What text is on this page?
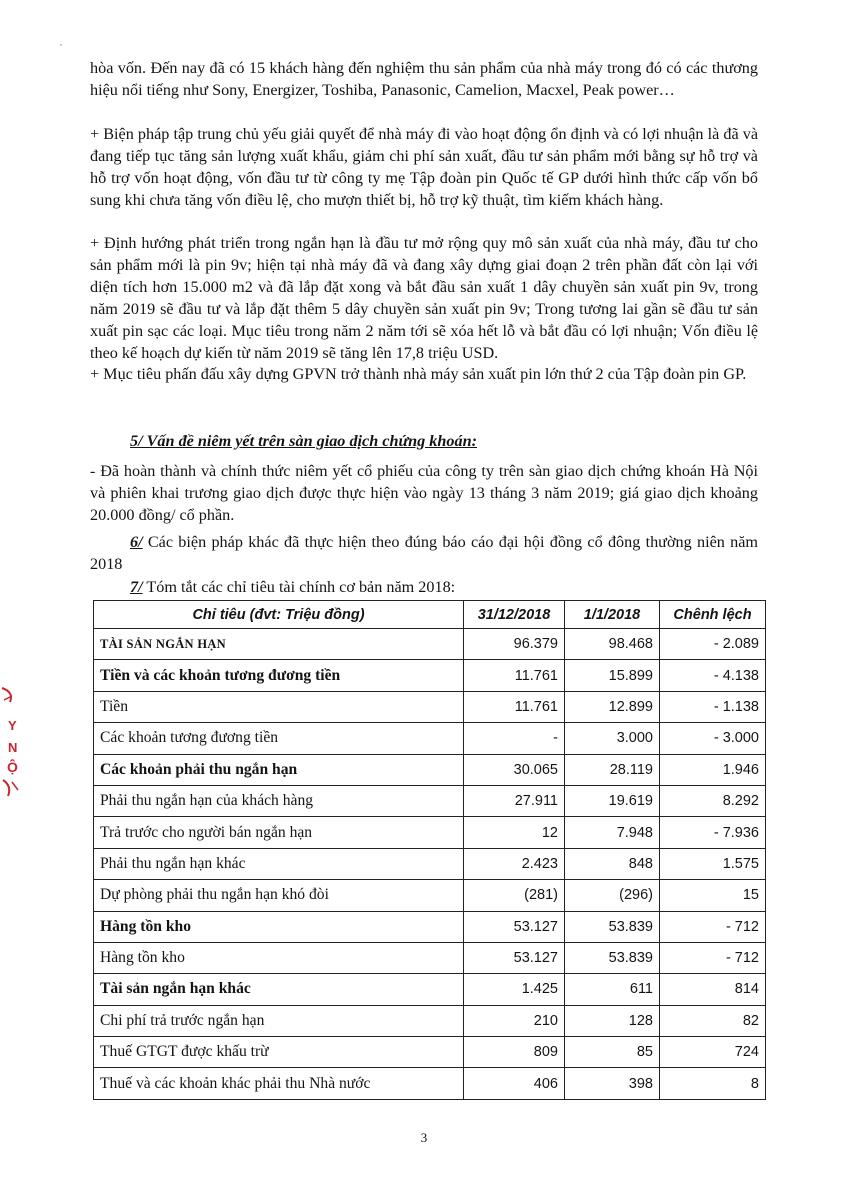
Y
N
Ộ
hòa vốn. Đến nay đã có 15 khách hàng đến nghiệm thu sản phẩm của nhà máy trong đó có các thương hiệu nổi tiếng như Sony, Energizer, Toshiba, Panasonic, Camelion, Macxel, Peak power…
+ Biện pháp tập trung chủ yếu giải quyết để nhà máy đi vào hoạt động ổn định và có lợi nhuận là đã và đang tiếp tục tăng sản lượng xuất khẩu, giảm chi phí sản xuất, đầu tư sản phẩm mới bằng sự hỗ trợ và hỗ trợ vốn hoạt động, vốn đầu tư từ công ty mẹ Tập đoàn pin Quốc tế GP dưới hình thức cấp vốn bổ sung khi chưa tăng vốn điều lệ, cho mượn thiết bị, hỗ trợ kỹ thuật, tìm kiếm khách hàng.
+ Định hướng phát triển trong ngắn hạn là đầu tư mở rộng quy mô sản xuất của nhà máy, đầu tư cho sản phẩm mới là pin 9v; hiện tại nhà máy đã và đang xây dựng giai đoạn 2 trên phần đất còn lại với diện tích hơn 15.000 m2 và đã lắp đặt xong và bắt đầu sản xuất 1 dây chuyền sản xuất pin 9v, trong năm 2019 sẽ đầu tư và lắp đặt thêm 5 dây chuyền sản xuất pin 9v; Trong tương lai gần sẽ đầu tư sản xuất pin sạc các loại. Mục tiêu trong năm 2 năm tới sẽ xóa hết lỗ và bắt đầu có lợi nhuận; Vốn điều lệ theo kế hoạch dự kiến từ năm 2019 sẽ tăng lên 17,8 triệu USD.
+ Mục tiêu phấn đấu xây dựng GPVN trở thành nhà máy sản xuất pin lớn thứ 2 của Tập đoàn pin GP.
5/ Vấn đề niêm yết trên sàn giao dịch chứng khoán:
- Đã hoàn thành và chính thức niêm yết cổ phiếu của công ty trên sàn giao dịch chứng khoán Hà Nội và phiên khai trương giao dịch được thực hiện vào ngày 13 tháng 3 năm 2019; giá giao dịch khoảng 20.000 đồng/ cổ phần.
6/ Các biện pháp khác đã thực hiện theo đúng báo cáo đại hội đồng cổ đông thường niên năm 2018
7/ Tóm tắt các chỉ tiêu tài chính cơ bản năm 2018:
Chỉ tiêu (đvt: Triệu đồng)	31/12/2018	1/1/2018	Chênh lệch
TÀI SẢN NGẮN HẠN	96.379	98.468	- 2.089
Tiền và các khoản tương đương tiền	11.761	15.899	- 4.138
Tiền	11.761	12.899	- 1.138
Các khoản tương đương tiền	-	3.000	- 3.000
Các khoản phải thu ngắn hạn	30.065	28.119	1.946
Phải thu ngắn hạn của khách hàng	27.911	19.619	8.292
Trả trước cho người bán ngắn hạn	12	7.948	- 7.936
Phải thu ngắn hạn khác	2.423	848	1.575
Dự phòng phải thu ngắn hạn khó đòi	(281)	(296)	15
Hàng tồn kho	53.127	53.839	- 712
Hàng tồn kho	53.127	53.839	- 712
Tài sản ngắn hạn khác	1.425	611	814
Chi phí trả trước ngắn hạn	210	128	82
Thuế GTGT được khấu trừ	809	85	724
Thuế và các khoản khác phải thu Nhà nước	406	398	8
3
